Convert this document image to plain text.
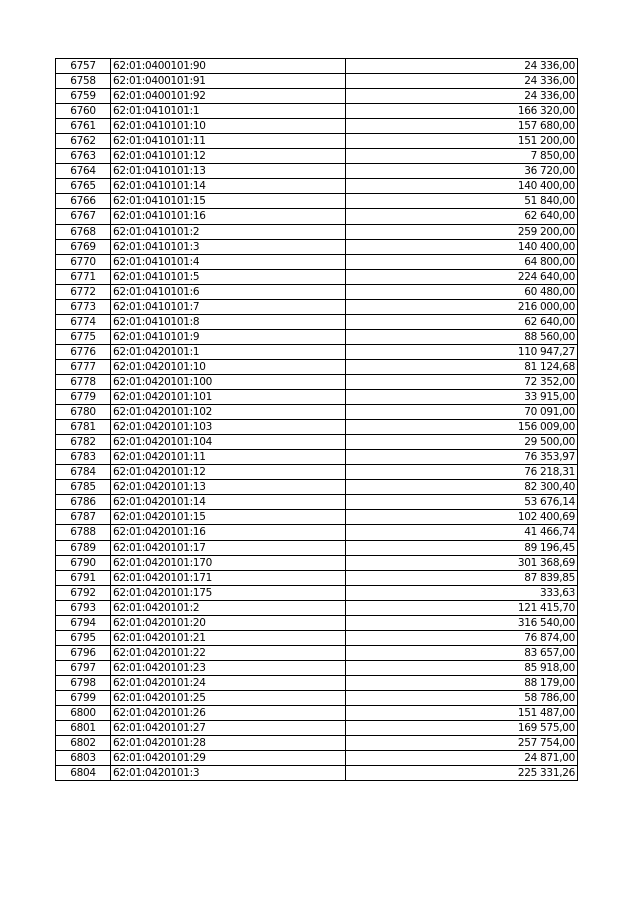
6757	62:01:0400101:90	24 336,00
6758	62:01:0400101:91	24 336,00
6759	62:01:0400101:92	24 336,00
6760	62:01:0410101:1	166 320,00
6761	62:01:0410101:10	157 680,00
6762	62:01:0410101:11	151 200,00
6763	62:01:0410101:12	7 850,00
6764	62:01:0410101:13	36 720,00
6765	62:01:0410101:14	140 400,00
6766	62:01:0410101:15	51 840,00
6767	62:01:0410101:16	62 640,00
6768	62:01:0410101:2	259 200,00
6769	62:01:0410101:3	140 400,00
6770	62:01:0410101:4	64 800,00
6771	62:01:0410101:5	224 640,00
6772	62:01:0410101:6	60 480,00
6773	62:01:0410101:7	216 000,00
6774	62:01:0410101:8	62 640,00
6775	62:01:0410101:9	88 560,00
6776	62:01:0420101:1	110 947,27
6777	62:01:0420101:10	81 124,68
6778	62:01:0420101:100	72 352,00
6779	62:01:0420101:101	33 915,00
6780	62:01:0420101:102	70 091,00
6781	62:01:0420101:103	156 009,00
6782	62:01:0420101:104	29 500,00
6783	62:01:0420101:11	76 353,97
6784	62:01:0420101:12	76 218,31
6785	62:01:0420101:13	82 300,40
6786	62:01:0420101:14	53 676,14
6787	62:01:0420101:15	102 400,69
6788	62:01:0420101:16	41 466,74
6789	62:01:0420101:17	89 196,45
6790	62:01:0420101:170	301 368,69
6791	62:01:0420101:171	87 839,85
6792	62:01:0420101:175	333,63
6793	62:01:0420101:2	121 415,70
6794	62:01:0420101:20	316 540,00
6795	62:01:0420101:21	76 874,00
6796	62:01:0420101:22	83 657,00
6797	62:01:0420101:23	85 918,00
6798	62:01:0420101:24	88 179,00
6799	62:01:0420101:25	58 786,00
6800	62:01:0420101:26	151 487,00
6801	62:01:0420101:27	169 575,00
6802	62:01:0420101:28	257 754,00
6803	62:01:0420101:29	24 871,00
6804	62:01:0420101:3	225 331,26
